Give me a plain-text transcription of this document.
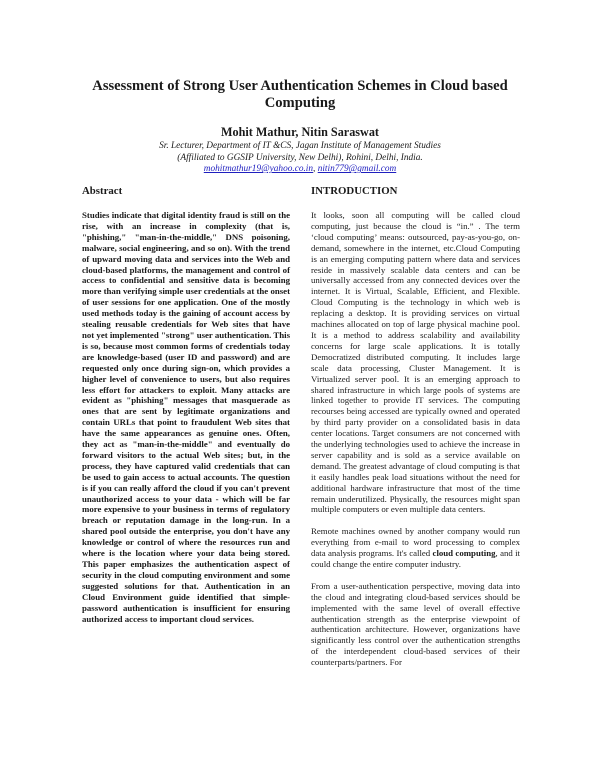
Assessment of Strong User Authentication Schemes in Cloud based Computing
Mohit Mathur, Nitin Saraswat
Sr. Lecturer, Department of IT &CS, Jagan Institute of Management Studies
(Affiliated to GGSIP University, New Delhi), Rohini, Delhi, India.
mohitmathur19@yahoo.co.in, nitin779@gmail.com
Abstract	INTRODUCTION

Studies indicate that digital identity fraud is still on the rise, with an increase in complexity (that is, "phishing," "man-in-the-middle," DNS poisoning, malware, social engineering, and so on). With the trend of upward moving data and services into the Web and cloud-based platforms, the management and control of access to confidential and sensitive data is becoming more than verifying simple user credentials at the onset of user sessions for one application. One of the mostly used methods today is the gaining of account access by stealing reusable credentials for Web sites that have not yet implemented "strong" user authentication. This is so, because most common forms of credentials today are knowledge-based (user ID and password) and are requested only once during sign-on, which provides a higher level of convenience to users, but also requires less effort for attackers to exploit. Many attacks are evident as "phishing" messages that masquerade as ones that are sent by legitimate organizations and contain URLs that point to fraudulent Web sites that have the same appearances as genuine ones. Often, they act as "man-in-the-middle" and eventually do forward visitors to the actual Web sites; but, in the process, they have captured valid credentials that can be used to gain access to actual accounts. The question is if you can really afford the cloud if you can't prevent unauthorized access to your data - which will be far more expensive to your business in terms of regulatory breach or reputation damage in the long-run. In a shared pool outside the enterprise, you don't have any knowledge or control of where the resources run and where is the location where your data being stored. This paper emphasizes the authentication aspect of security in the cloud computing environment and some suggested solutions for that. Authentication in an Cloud Environment guide identified that simple-password authentication is insufficient for ensuring authorized access to important cloud services.

It looks, soon all computing will be called cloud computing, just because the cloud is “in.” . The term ‘cloud computing’ means: outsourced, pay-as-you-go, on-demand, somewhere in the internet, etc.Cloud Computing is an emerging computing pattern where data and services reside in massively scalable data centers and can be universally accessed from any connected devices over the internet. It is Virtual, Scalable, Efficient, and Flexible. Cloud Computing is the technology in which web is replacing a desktop. It is providing services on virtual machines allocated on top of large physical machine pool. It is a method to address scalability and availability concerns for large scale applications. It is totally Democratized distributed computing. It includes large scale data processing, Cluster Management. It is Virtualized server pool. It is an emerging approach to shared infrastructure in which large pools of systems are linked together to provide IT services. The computing recourses being accessed are typically owned and operated by third party provider on a consolidated basis in data center locations. Target consumers are not concerned with the underlying technologies used to achieve the increase in server capability and is sold as a service available on demand. The greatest advantage of cloud computing is that it easily handles peak load situations without the need for additional hardware infrastructure that most of the time remain underutilized. Physically, the resources might span multiple computers or even multiple data centers.

Remote machines owned by another company would run everything from e-mail to word processing to complex data analysis programs. It's called cloud computing, and it could change the entire computer industry.

From a user-authentication perspective, moving data into the cloud and integrating cloud-based services should be implemented with the same level of overall effective authentication strength as the enterprise viewpoint of authentication architecture. However, organizations have significantly less control over the authentication strengths of the interdependent cloud-based services of their counterparts/partners. For
